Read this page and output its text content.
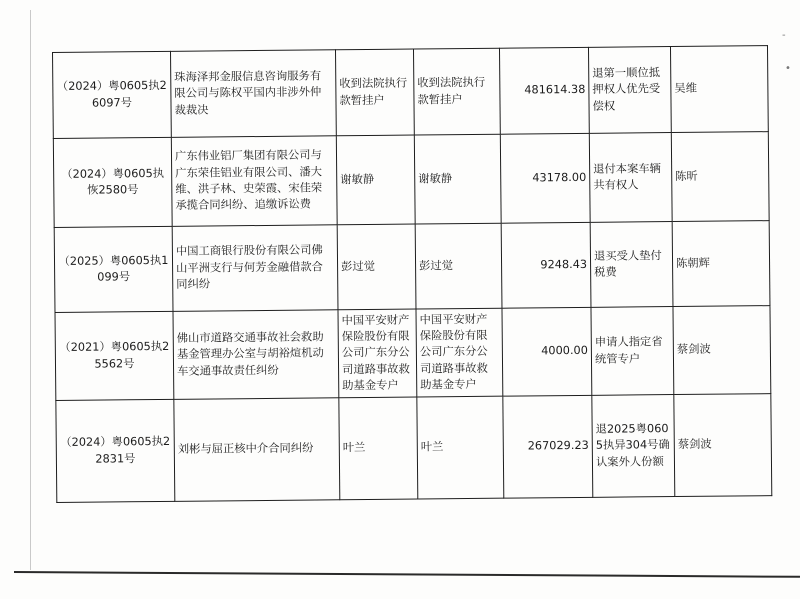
-
•
（2024）粤0605执26097号	珠海泽邦金服信息咨询服务有限公司与陈权平国内非涉外仲裁裁决	收到法院执行款暂挂户	收到法院执行款暂挂户	481614.38	退第一顺位抵押权人优先受偿权	吴维
（2024）粤0605执恢2580号	广东伟业铝厂集团有限公司与广东荣佳铝业有限公司、潘大维、洪子林、史荣霞、宋佳荣承揽合同纠纷、追缴诉讼费	谢敏静	谢敏静	43178.00	退付本案车辆共有权人	陈昕
（2025）粤0605执1099号	中国工商银行股份有限公司佛山平洲支行与何芳金融借款合同纠纷	彭过觉	彭过觉	9248.43	退买受人垫付税费	陈朝辉
（2021）粤0605执25562号	佛山市道路交通事故社会救助基金管理办公室与胡裕煊机动车交通事故责任纠纷	中国平安财产保险股份有限公司广东分公司道路事故救助基金专户	中国平安财产保险股份有限公司广东分公司道路事故救助基金专户	4000.00	申请人指定省统管专户	蔡剑波
（2024）粤0605执22831号	刘彬与屈正核中介合同纠纷	叶兰	叶兰	267029.23	退2025粤0605执异304号确认案外人份额	蔡剑波
